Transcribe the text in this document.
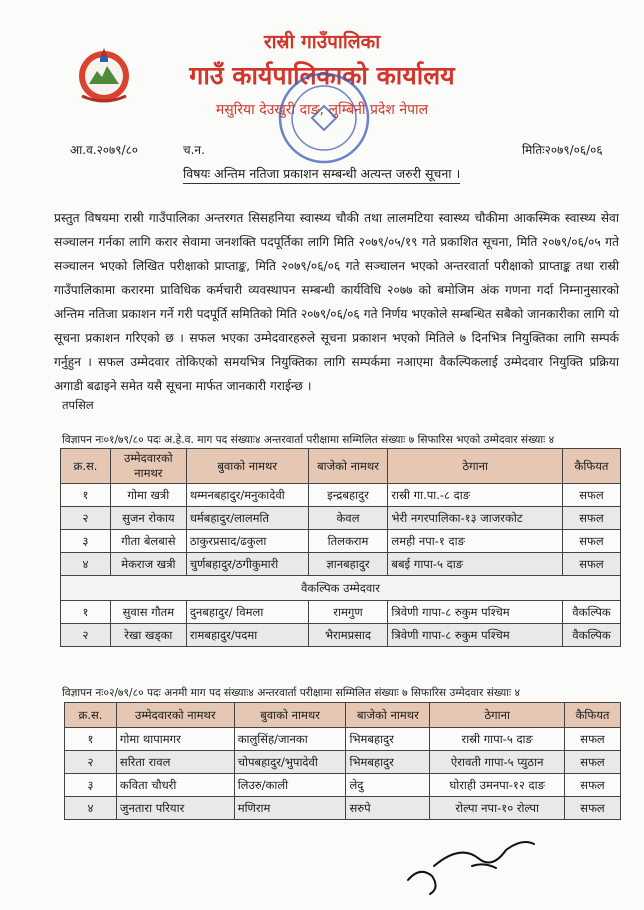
रास्री गाउँपालिका
गाउँ कार्यपालिकाको कार्यालय
मसुरिया देउखुरी दाङ, लुम्बिनी प्रदेश नेपाल
आ.व.२०७९/८०	च.न.	मितिः२०७९/०६/०६
विषयः अन्तिम नतिजा प्रकाशन सम्बन्धी अत्यन्त जरुरी सूचना ।

प्रस्तुत विषयमा रास्री गाउँपालिका अन्तरगत सिसहनिया स्वास्थ्य चौकी तथा लालमटिया स्वास्थ्य चौकीमा आकस्मिक स्वास्थ्य सेवा सञ्चालन गर्नका लागि करार सेवामा जनशक्ति पदपूर्तिका लागि मिति २०७९/०५/१९ गते प्रकाशित सूचना, मिति २०७९/०६/०५ गते सञ्चालन भएको लिखित परीक्षाको प्राप्ताङ्क, मिति २०७९/०६/०६ गते सञ्चालन भएको अन्तरवार्ता परीक्षाको प्राप्ताङ्क तथा रास्री गाउँपालिकामा करारमा प्राविधिक कर्मचारी व्यवस्थापन सम्बन्धी कार्यविधि २०७७ को बमोजिम अंक गणना गर्दा निम्नानुसारको अन्तिम नतिजा प्रकाशन गर्ने गरी पदपूर्ति समितिको मिति २०७९/०६/०६ गते निर्णय भएकोले सम्बन्धित सबैको जानकारीका लागि यो सूचना प्रकाशन गरिएको छ । सफल भएका उम्मेदवारहरुले सूचना प्रकाशन भएको मितिले ७ दिनभित्र नियुक्तिका लागि सम्पर्क गर्नुहुन । सफल उम्मेदवार तोकिएको समयभित्र नियुक्तिका लागि सम्पर्कमा नआएमा वैकल्पिकलाई उम्मेदवार नियुक्ति प्रक्रिया अगाडी बढाइने समेत यसै सूचना मार्फत जानकारी गराईन्छ ।

तपसिल
विज्ञापन नः०१/७९/८० पदः अ.हे.व. माग पद संख्याः४ अन्तरवार्ता परीक्षामा सम्मिलित संख्याः ७ सिफारिस भएको उम्मेदवार संख्याः ४
क्र.स.	उम्मेदवारको नामथर	बुवाको नामथर	बाजेको नामथर	ठेगाना	कैफियत
१	गोमा खत्री	थम्मनबहादुर/मनुकादेवी	इन्द्रबहादुर	रास्री गा.पा.-८ दाङ	सफल
२	सुजन रोकाय	धर्मबहादुर/लालमति	केवल	भेरी नगरपालिका-१३ जाजरकोट	सफल
३	गीता बेलबासे	ठाकुरप्रसाद/ढकुला	तिलकराम	लमही नपा-१ दाङ	सफल
४	मेकराज खत्री	चुर्णबहादुर/ठगीकुमारी	ज्ञानबहादुर	बबई गापा-५ दाङ	सफल
वैकल्पिक उम्मेदवार					
१	सुवास गौतम	दुनबहादुर/ विमला	रामगुण	त्रिवेणी गापा-८ रुकुम पश्चिम	वैकल्पिक
२	रेखा खड्का	रामबहादुर/पदमा	भैरामप्रसाद	त्रिवेणी गापा-८ रुकुम पश्चिम	वैकल्पिक
विज्ञापन नः०२/७९/८० पदः अनमी माग पद संख्याः४ अन्तरवार्ता परीक्षामा सम्मिलित संख्याः ७ सिफारिस उम्मेदवार संख्याः ४
क्र.स.	उम्मेदवारको नामथर	बुवाको नामथर	बाजेको नामथर	ठेगाना	कैफियत
१	गोमा थापामगर	कालुसिंह/जानका	भिमबहादुर	रास्री गापा-५ दाङ	सफल
२	सरिता रावल	चोपबहादुर/भुपादेवी	भिमबहादुर	ऐरावती गापा-५ प्युठान	सफल
३	कविता चौधरी	लिउरु/काली	लेदु	घोराही उमनपा-१२ दाङ	सफल
४	जुनतारा परियार	मणिराम	सरुपे	रोल्पा नपा-१० रोल्पा	सफल
